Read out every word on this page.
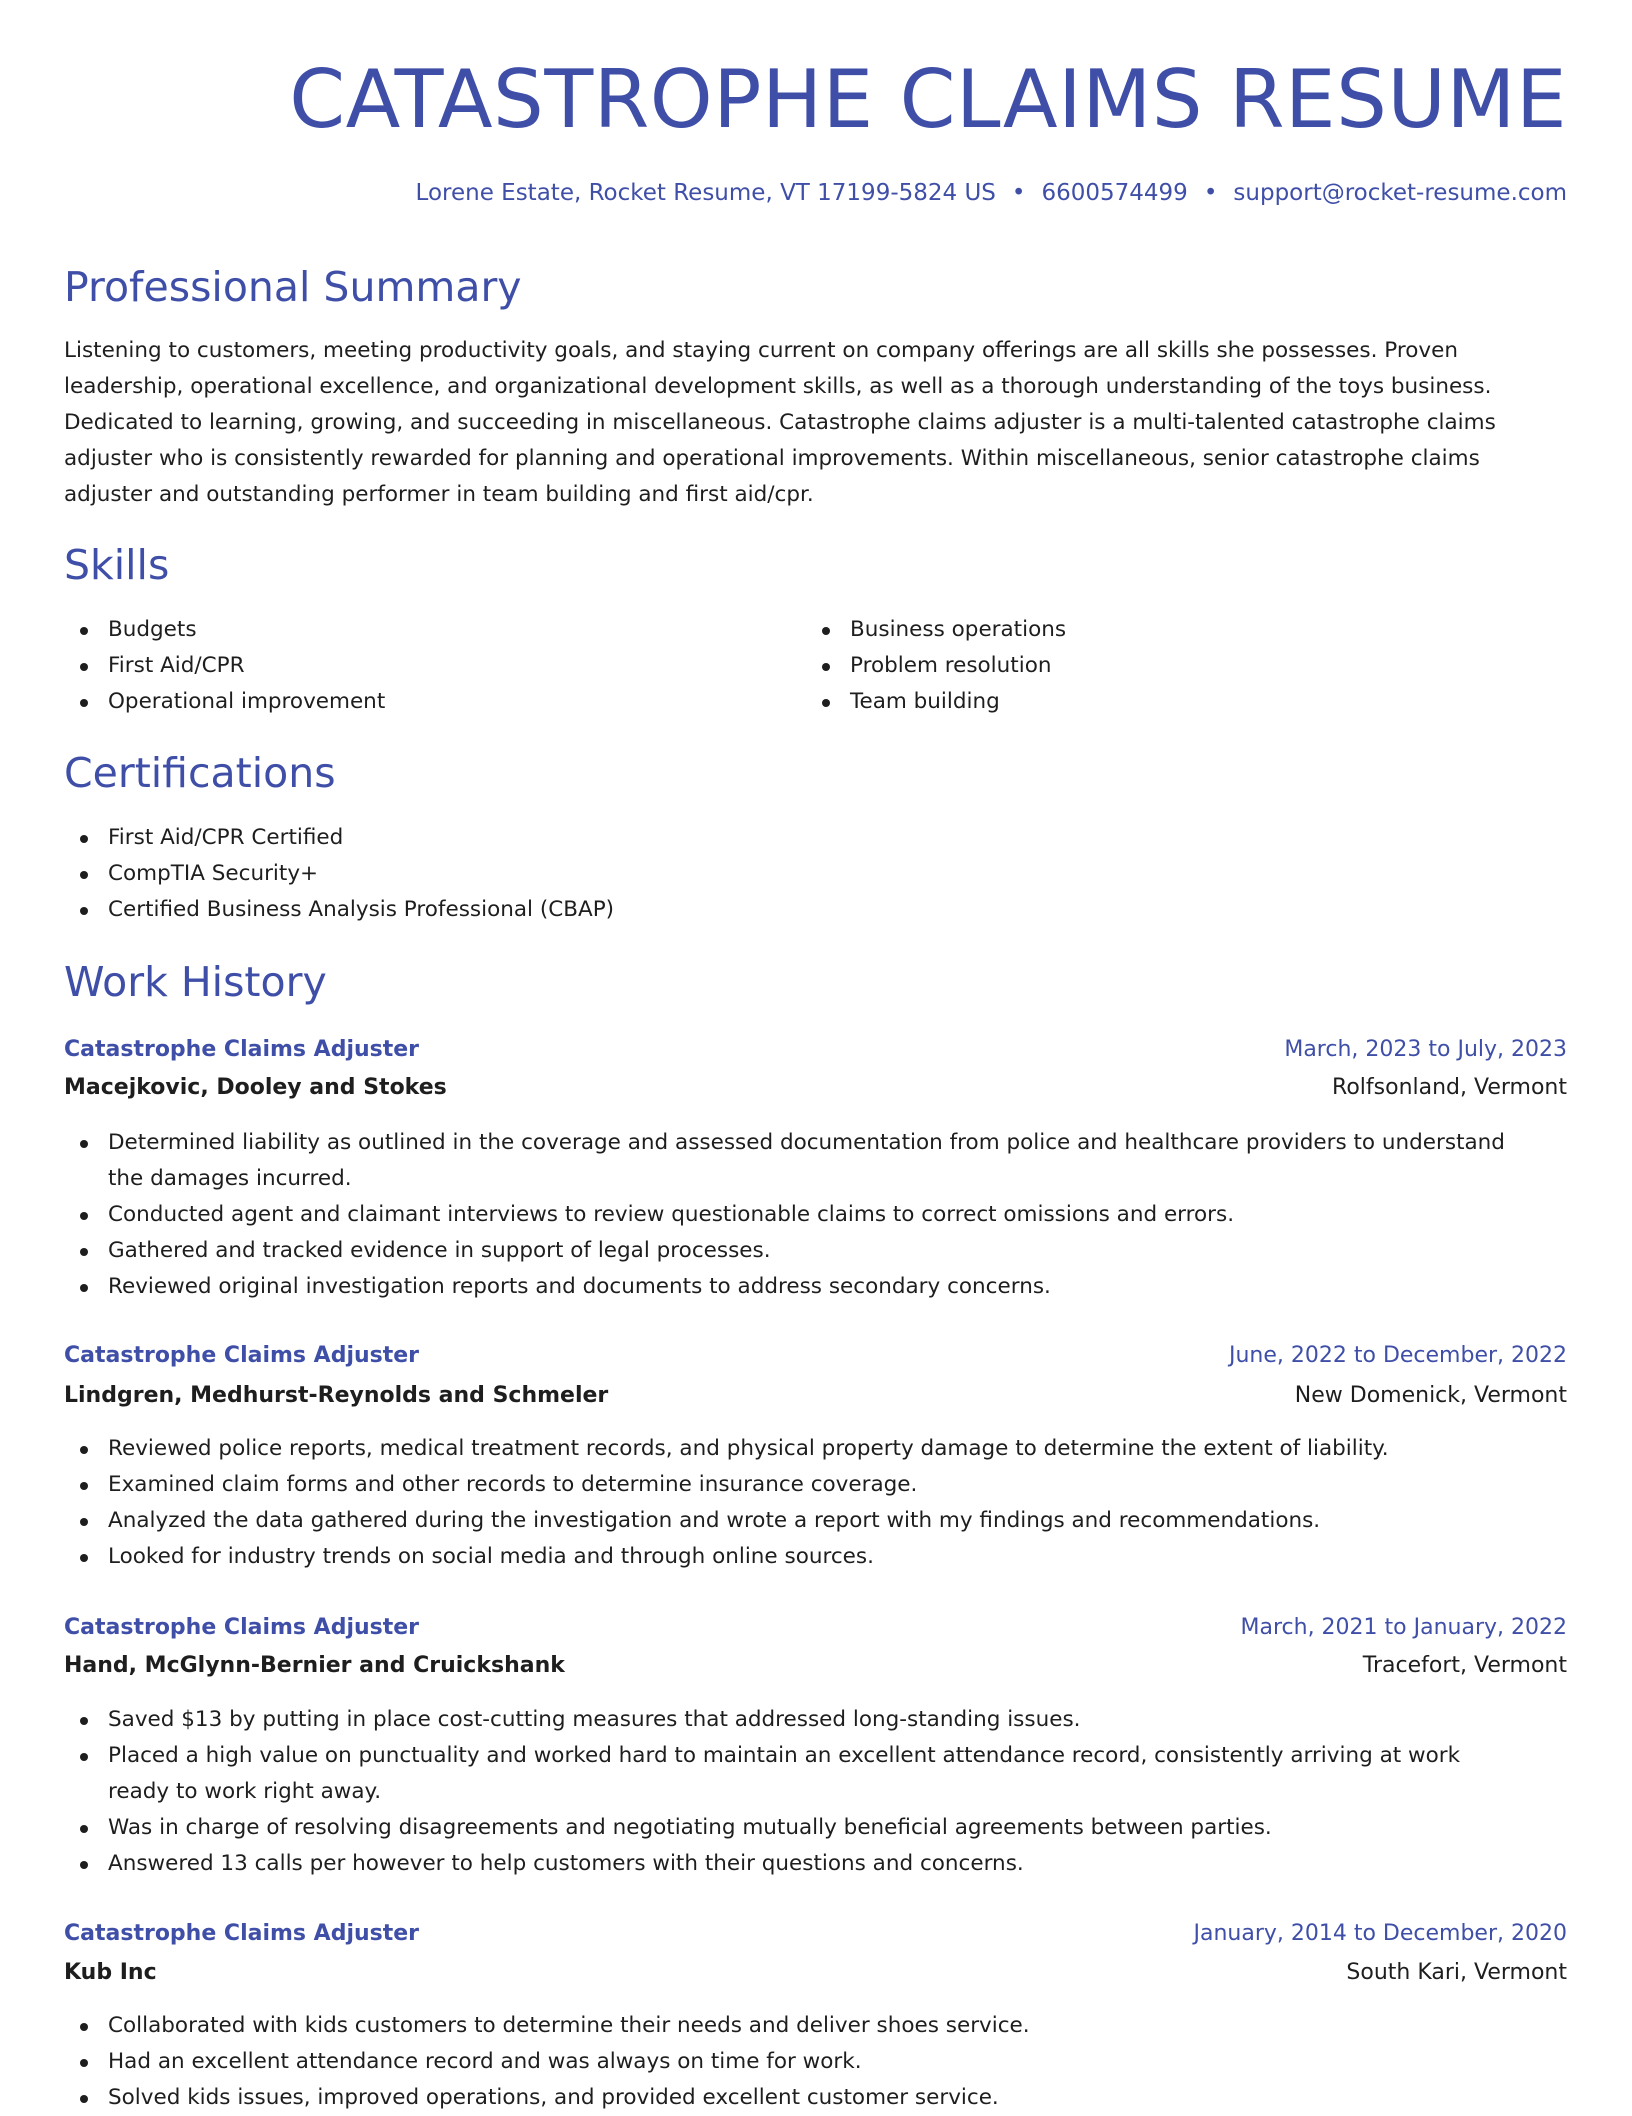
CATASTROPHE CLAIMS RESUME
Lorene Estate, Rocket Resume, VT 17199-5824 US • 6600574499 • support@rocket-resume.com
Professional Summary

Listening to customers, meeting productivity goals, and staying current on company offerings are all skills she possesses. Proven leadership, operational excellence, and organizational development skills, as well as a thorough understanding of the toys business. Dedicated to learning, growing, and succeeding in miscellaneous. Catastrophe claims adjuster is a multi-talented catastrophe claims adjuster who is consistently rewarded for planning and operational improvements. Within miscellaneous, senior catastrophe claims adjuster and outstanding performer in team building and first aid/cpr.

Skills
Budgets
First Aid/CPR
Operational improvement
Business operations
Problem resolution
Team building
Certifications
First Aid/CPR Certified
CompTIA Security+
Certified Business Analysis Professional (CBAP)
Work History
Catastrophe Claims Adjuster	March, 2023 to July, 2023
Macejkovic, Dooley and Stokes	Rolfsonland, Vermont
Determined liability as outlined in the coverage and assessed documentation from police and healthcare providers to understand the damages incurred.
Conducted agent and claimant interviews to review questionable claims to correct omissions and errors.
Gathered and tracked evidence in support of legal processes.
Reviewed original investigation reports and documents to address secondary concerns.
Catastrophe Claims Adjuster	June, 2022 to December, 2022
Lindgren, Medhurst-Reynolds and Schmeler	New Domenick, Vermont
Reviewed police reports, medical treatment records, and physical property damage to determine the extent of liability.
Examined claim forms and other records to determine insurance coverage.
Analyzed the data gathered during the investigation and wrote a report with my findings and recommendations.
Looked for industry trends on social media and through online sources.
Catastrophe Claims Adjuster	March, 2021 to January, 2022
Hand, McGlynn-Bernier and Cruickshank	Tracefort, Vermont
Saved $13 by putting in place cost-cutting measures that addressed long-standing issues.
Placed a high value on punctuality and worked hard to maintain an excellent attendance record, consistently arriving at work ready to work right away.
Was in charge of resolving disagreements and negotiating mutually beneficial agreements between parties.
Answered 13 calls per however to help customers with their questions and concerns.
Catastrophe Claims Adjuster	January, 2014 to December, 2020
Kub Inc	South Kari, Vermont
Collaborated with kids customers to determine their needs and deliver shoes service.
Had an excellent attendance record and was always on time for work.
Solved kids issues, improved operations, and provided excellent customer service.
